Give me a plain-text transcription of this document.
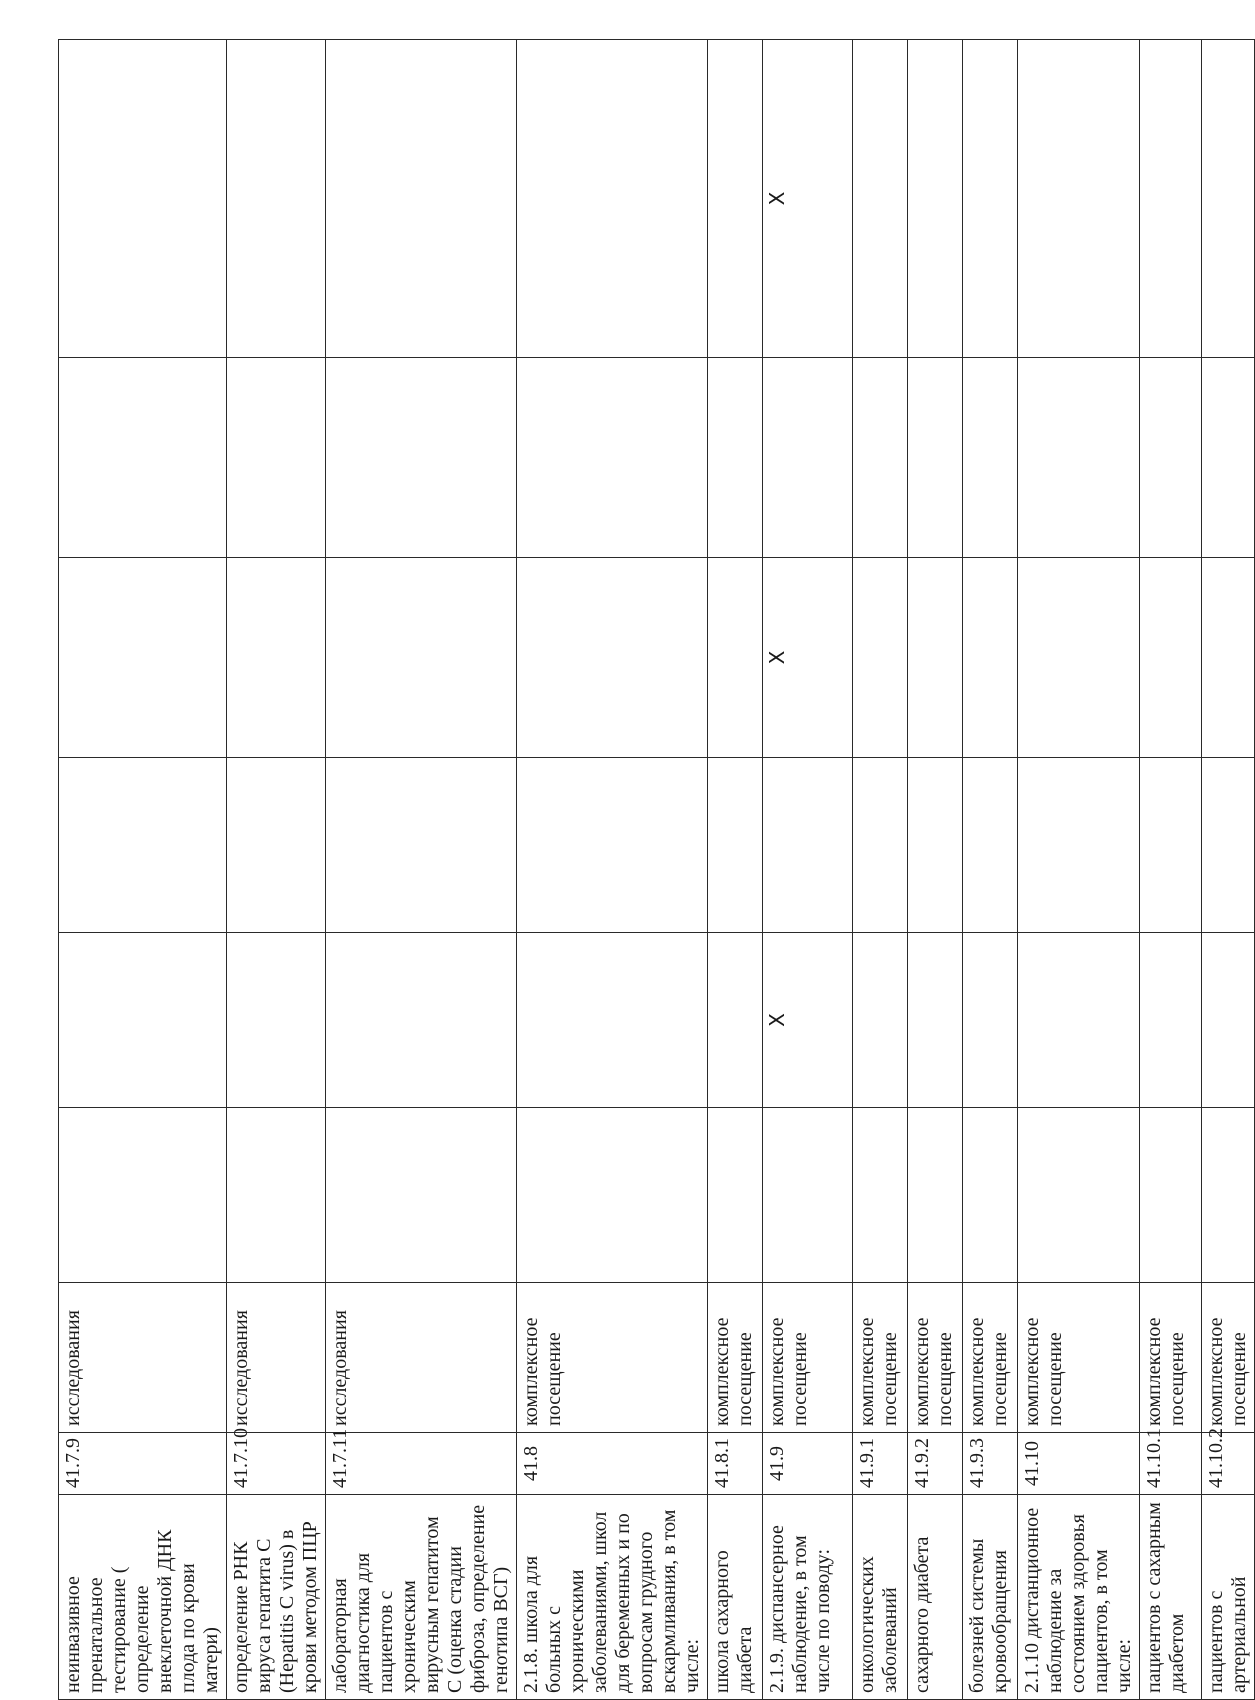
неинвазивное пренатальное тестирование ( определение внеклеточной ДНК плода по крови матери)	41.7.9	исследования							
определение РНК вируса гепатита С (Hepatitis С virus) в крови методом ПЦР	41.7.10	исследования							
лабораторная диагностика для пациентов с хроническим вирусным гепатитом С (оценка стадии фиброза, определение генотипа ВСГ)	41.7.11	исследования							
2.1.8. школа для больных с хроническими заболеваниями, школ для беременных и по вопросам грудного вскармливания, в том числе:	41.8	комплексное посещение							
школа сахарного диабета	41.8.1	комплексное посещение							
2.1.9. диспансерное наблюдение, в том числе по поводу:	41.9	комплексное посещение		X		X		X	
онкологических заболеваний	41.9.1	комплексное посещение							
сахарного диабета	41.9.2	комплексное посещение							
болезней системы кровообращения	41.9.3	комплексное посещение							
2.1.10 дистанционное наблюдение за состоянием здоровья пациентов, в том числе:	41.10	комплексное посещение							
пациентов с сахарным диабетом	41.10.1	комплексное посещение							
пациентов с артериальной	41.10.2	комплексное посещение							
